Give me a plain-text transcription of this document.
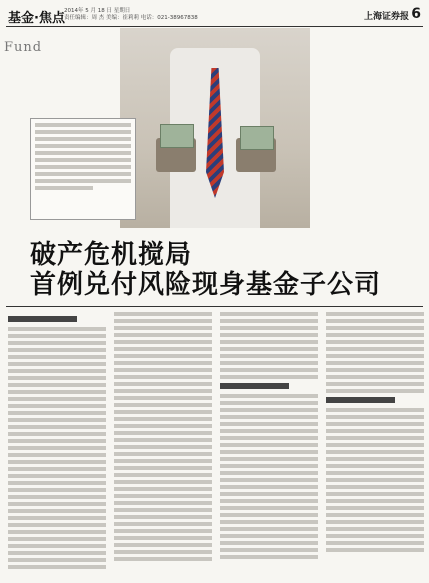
基金·焦点 2014年 5 月 18 日 星期日
责任编辑：周 杰 美编：崔莉莉 电话：021-38967838	上海证券报 6
Fund
破产危机搅局
首例兑付风险现身基金子公司
